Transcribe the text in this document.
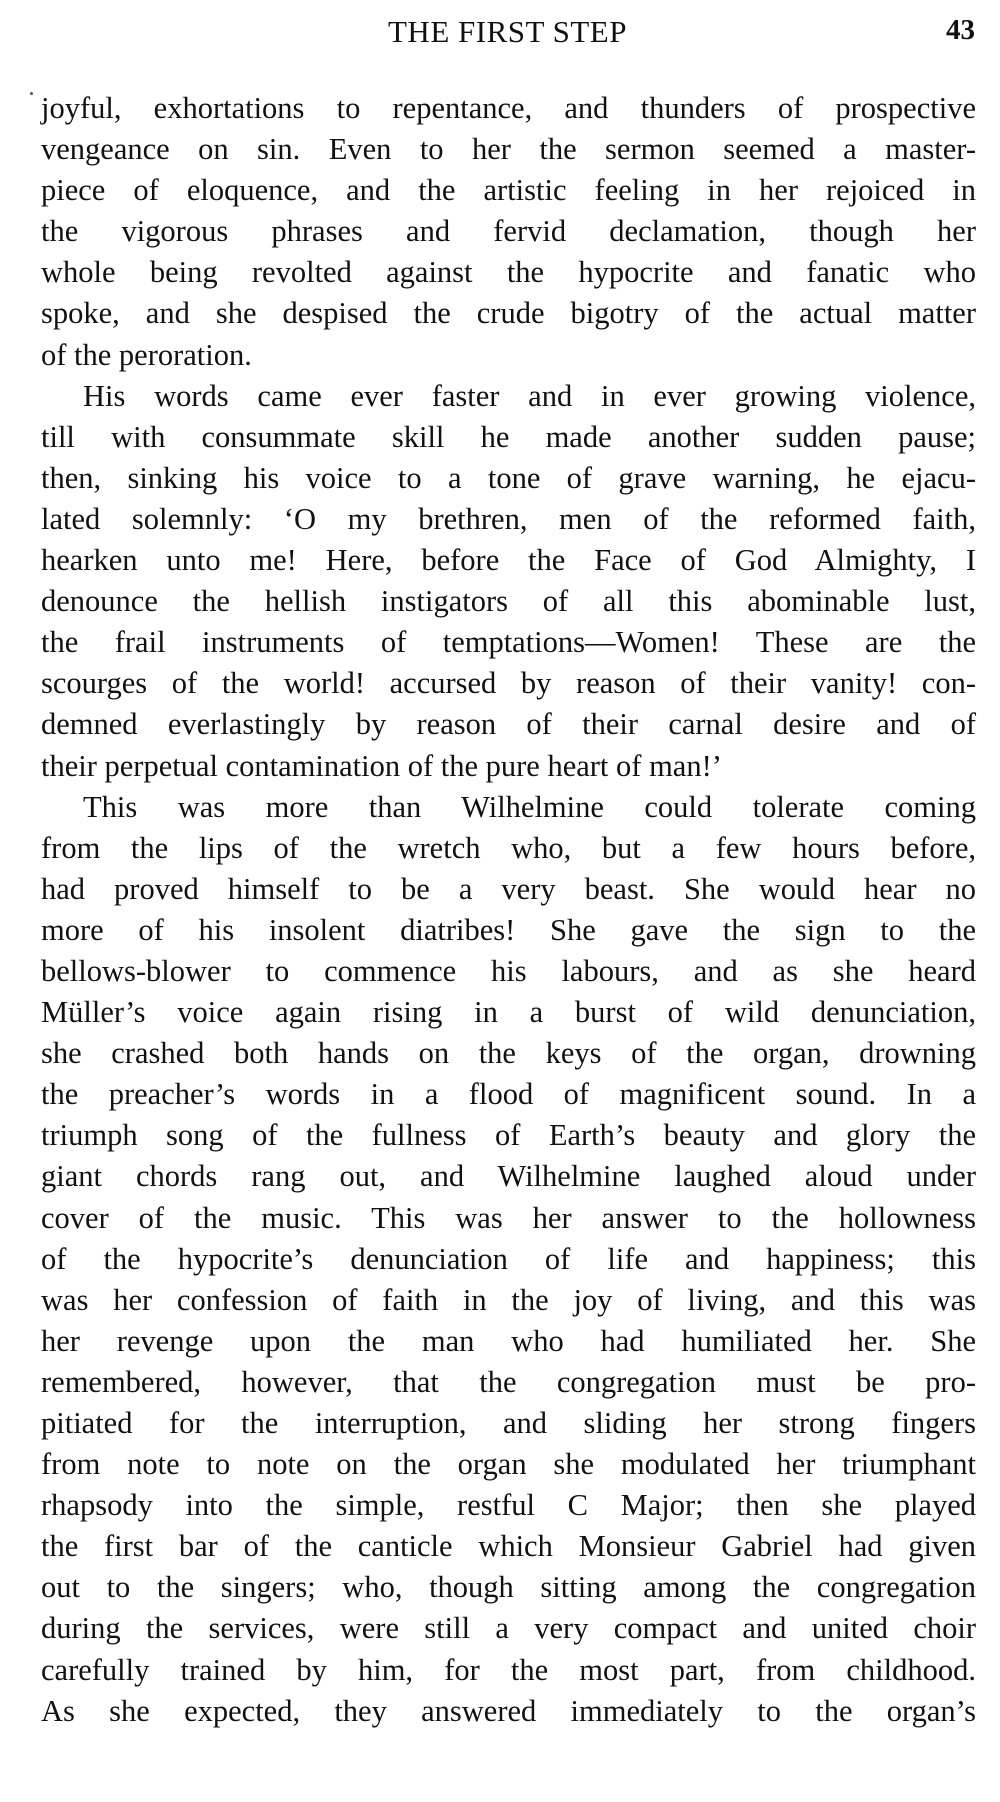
THE FIRST STEP	43
joyful, exhortations to repentance, and thunders of prospective
vengeance on sin. Even to her the sermon seemed a master-
piece of eloquence, and the artistic feeling in her rejoiced in
the vigorous phrases and fervid declamation, though her
whole being revolted against the hypocrite and fanatic who
spoke, and she despised the crude bigotry of the actual matter
of the peroration.
His words came ever faster and in ever growing violence,
till with consummate skill he made another sudden pause;
then, sinking his voice to a tone of grave warning, he ejacu-
lated solemnly: ‘O my brethren, men of the reformed faith,
hearken unto me! Here, before the Face of God Almighty, I
denounce the hellish instigators of all this abominable lust,
the frail instruments of temptations—Women! These are the
scourges of the world! accursed by reason of their vanity! con-
demned everlastingly by reason of their carnal desire and of
their perpetual contamination of the pure heart of man!’
This was more than Wilhelmine could tolerate coming
from the lips of the wretch who, but a few hours before,
had proved himself to be a very beast. She would hear no
more of his insolent diatribes! She gave the sign to the
bellows-blower to commence his labours, and as she heard
Müller’s voice again rising in a burst of wild denunciation,
she crashed both hands on the keys of the organ, drowning
the preacher’s words in a flood of magnificent sound. In a
triumph song of the fullness of Earth’s beauty and glory the
giant chords rang out, and Wilhelmine laughed aloud under
cover of the music. This was her answer to the hollowness
of the hypocrite’s denunciation of life and happiness; this
was her confession of faith in the joy of living, and this was
her revenge upon the man who had humiliated her. She
remembered, however, that the congregation must be pro-
pitiated for the interruption, and sliding her strong fingers
from note to note on the organ she modulated her triumphant
rhapsody into the simple, restful C Major; then she played
the first bar of the canticle which Monsieur Gabriel had given
out to the singers; who, though sitting among the congregation
during the services, were still a very compact and united choir
carefully trained by him, for the most part, from childhood.
As she expected, they answered immediately to the organ’s
